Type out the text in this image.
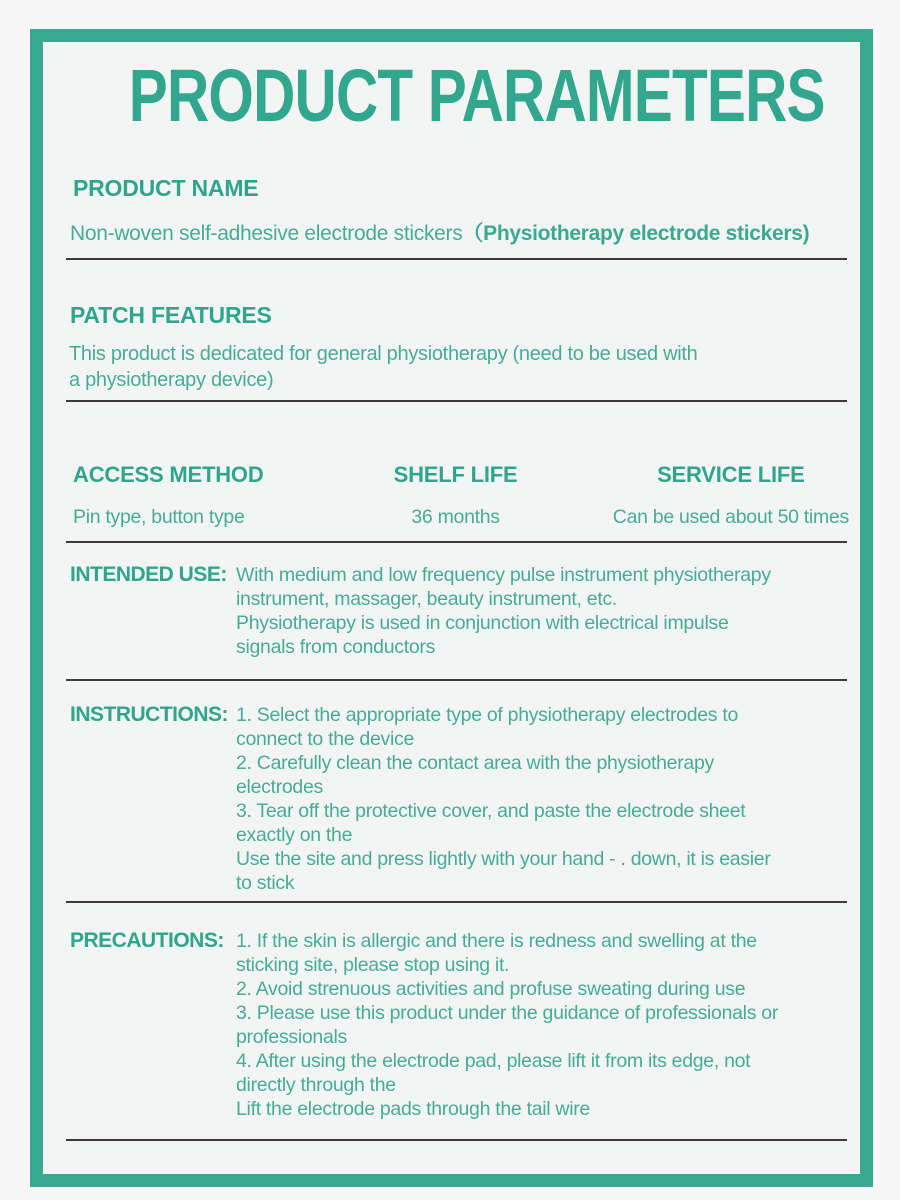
PRODUCT PARAMETERS
PRODUCT NAME
Non-woven self-adhesive electrode stickers（Physiotherapy electrode stickers)
PATCH FEATURES
This product is dedicated for general physiotherapy (need to be used with
a physiotherapy device)
ACCESS METHOD
Pin type, button type
SHELF LIFE
36 months
SERVICE LIFE
Can be used about 50 times
INTENDED USE: With medium and low frequency pulse instrument physiotherapy
instrument, massager, beauty instrument, etc.
Physiotherapy is used in conjunction with electrical impulse
signals from conductors
INSTRUCTIONS: 1. Select the appropriate type of physiotherapy electrodes to
connect to the device
2. Carefully clean the contact area with the physiotherapy
electrodes
3. Tear off the protective cover, and paste the electrode sheet
exactly on the
Use the site and press lightly with your hand - . down, it is easier
to stick
PRECAUTIONS: 1. If the skin is allergic and there is redness and swelling at the
sticking site, please stop using it.
2. Avoid strenuous activities and profuse sweating during use
3. Please use this product under the guidance of professionals or
professionals
4. After using the electrode pad, please lift it from its edge, not
directly through the
Lift the electrode pads through the tail wire
